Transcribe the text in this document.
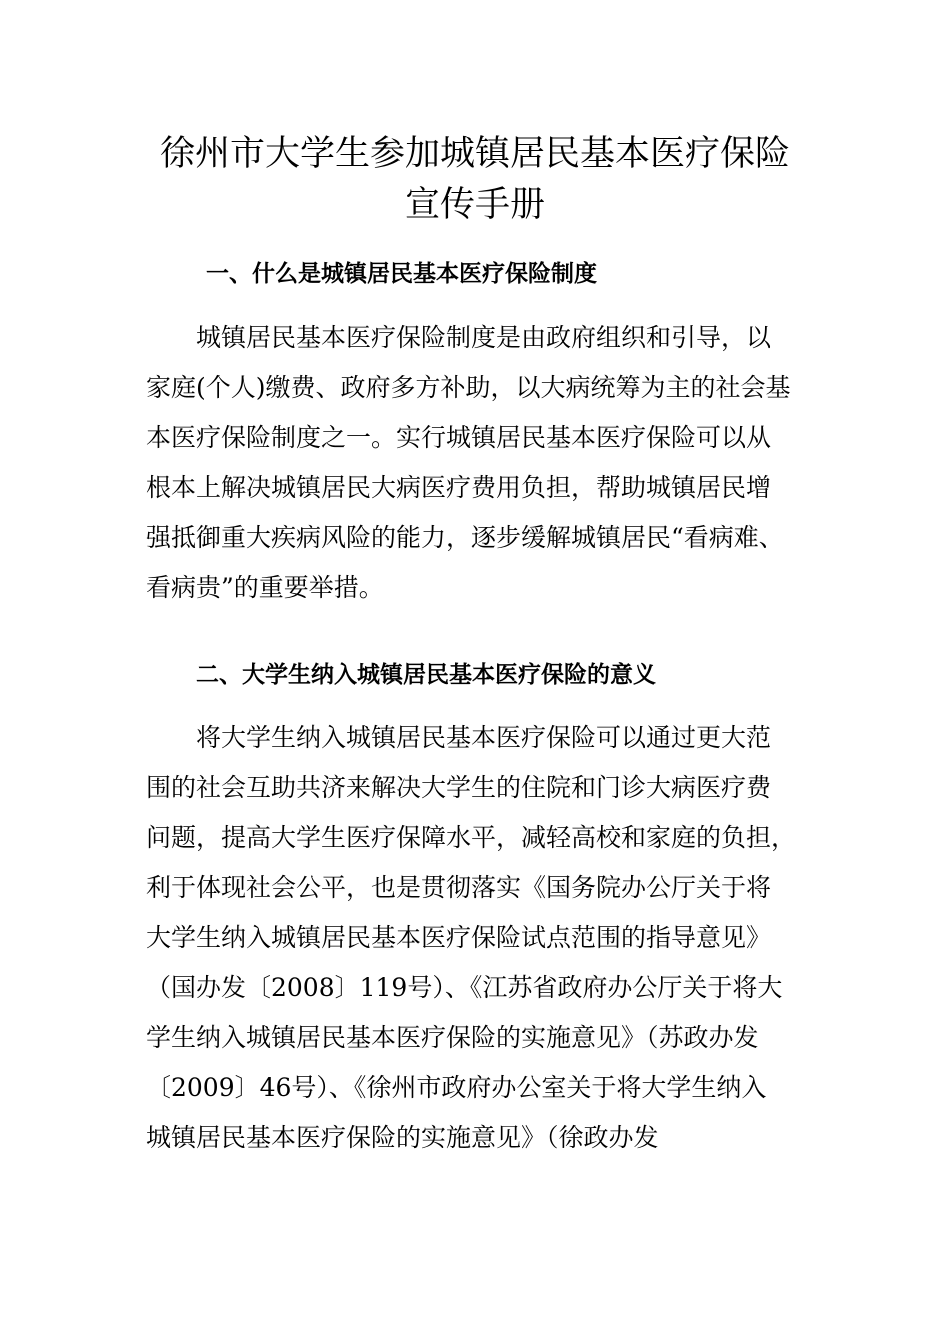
徐州市大学生参加城镇居民基本医疗保险
宣传手册
一、什么是城镇居民基本医疗保险制度

城镇居民基本医疗保险制度是由政府组织和引导，以

家庭(个人)缴费、政府多方补助，以大病统筹为主的社会基

本医疗保险制度之一。实行城镇居民基本医疗保险可以从

根本上解决城镇居民大病医疗费用负担，帮助城镇居民增

强抵御重大疾病风险的能力，逐步缓解城镇居民“看病难、

看病贵”的重要举措。

二、大学生纳入城镇居民基本医疗保险的意义

将大学生纳入城镇居民基本医疗保险可以通过更大范

围的社会互助共济来解决大学生的住院和门诊大病医疗费

问题，提高大学生医疗保障水平，减轻高校和家庭的负担，

利于体现社会公平，也是贯彻落实《国务院办公厅关于将

大学生纳入城镇居民基本医疗保险试点范围的指导意见》

（国办发〔2008〕119号）、《江苏省政府办公厅关于将大

学生纳入城镇居民基本医疗保险的实施意见》（苏政办发

〔2009〕46号）、《徐州市政府办公室关于将大学生纳入

城镇居民基本医疗保险的实施意见》（徐政办发
